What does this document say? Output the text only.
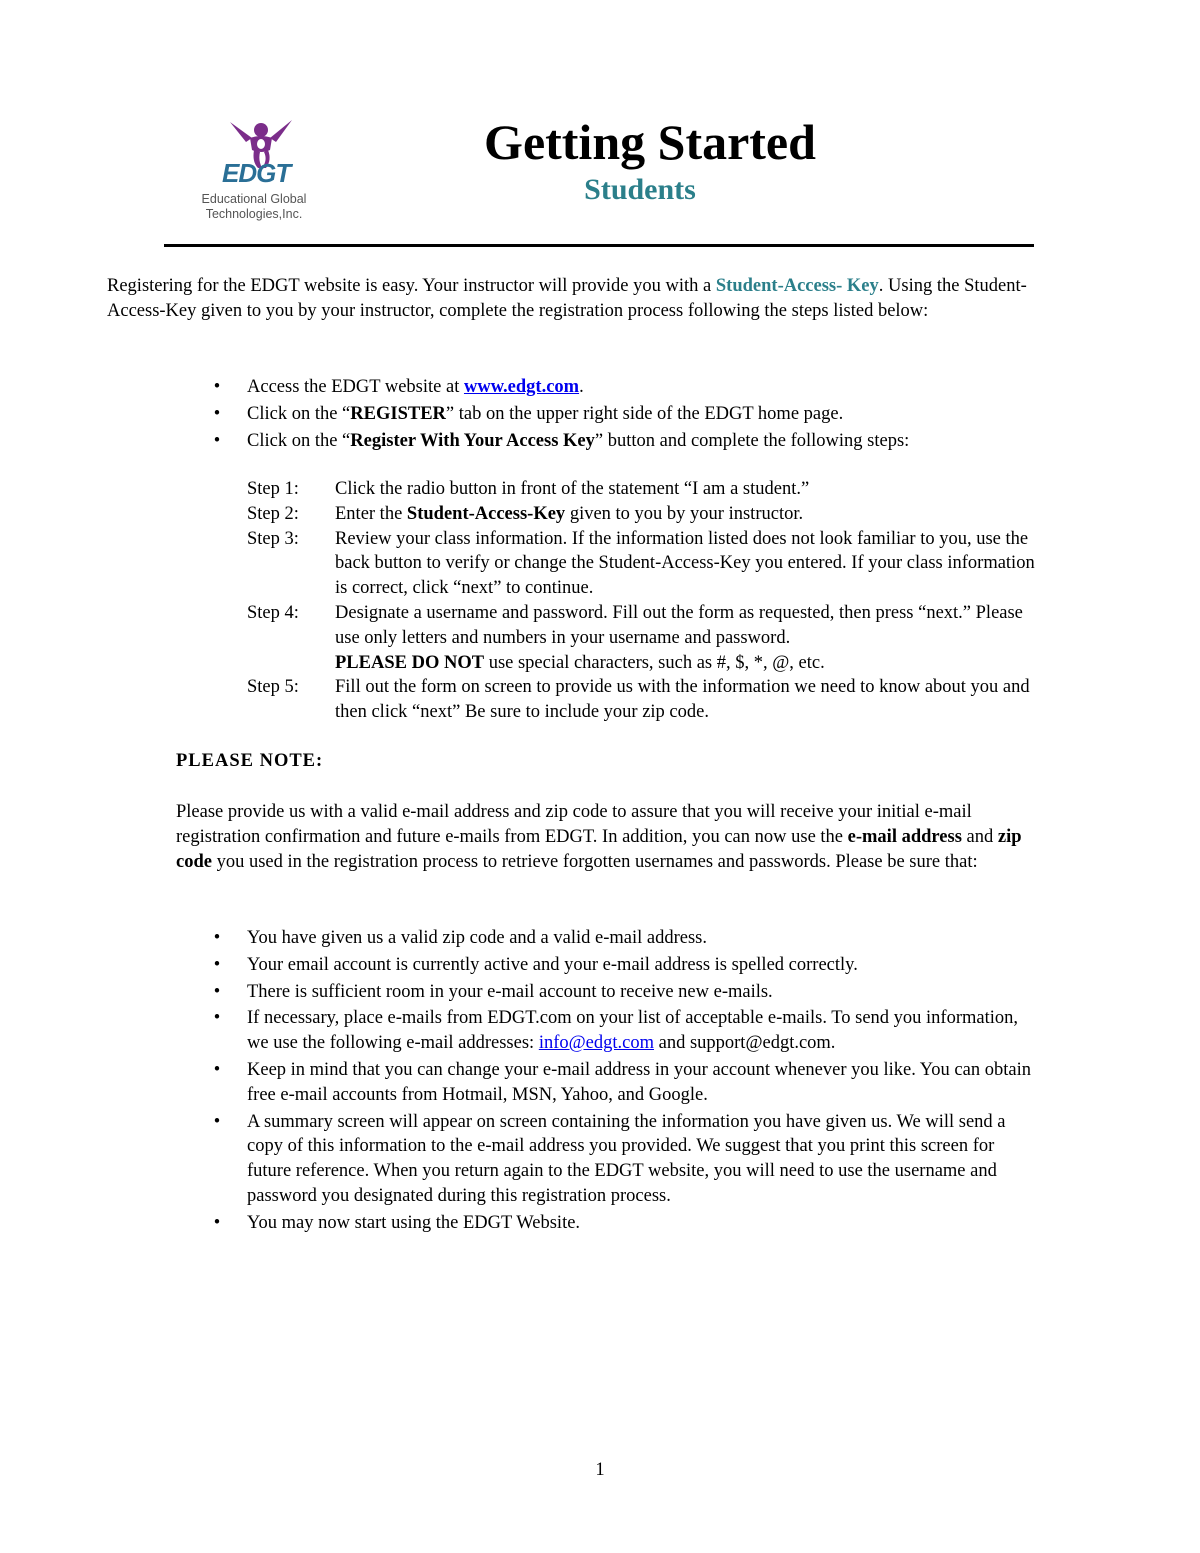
EDGT
Educational Global
Technologies,Inc.
Getting Started
Students
Registering for the EDGT website is easy. Your instructor will provide you with a Student-Access- Key. Using the Student-Access-Key given to you by your instructor, complete the registration process following the steps listed below:
• Access the EDGT website at www.edgt.com.
• Click on the “REGISTER” tab on the upper right side of the EDGT home page.
• Click on the “Register With Your Access Key” button and complete the following steps:
Step 1:	Click the radio button in front of the statement “I am a student.”
Step 2:	Enter the Student-Access-Key given to you by your instructor.
Step 3:	Review your class information. If the information listed does not look familiar to you, use the back button to verify or change the Student-Access-Key you entered. If your class information is correct, click “next” to continue.
Step 4:	Designate a username and password. Fill out the form as requested, then press “next.” Please use only letters and numbers in your username and password.
PLEASE DO NOT use special characters, such as #, $, *, @, etc.
Step 5:	Fill out the form on screen to provide us with the information we need to know about you and then click “next” Be sure to include your zip code.
PLEASE NOTE:
Please provide us with a valid e-mail address and zip code to assure that you will receive your initial e-mail registration confirmation and future e-mails from EDGT. In addition, you can now use the e-mail address and zip code you used in the registration process to retrieve forgotten usernames and passwords. Please be sure that:
• You have given us a valid zip code and a valid e-mail address.
• Your email account is currently active and your e-mail address is spelled correctly.
• There is sufficient room in your e-mail account to receive new e-mails.
• If necessary, place e-mails from EDGT.com on your list of acceptable e-mails. To send you information, we use the following e-mail addresses: info@edgt.com and support@edgt.com.
• Keep in mind that you can change your e-mail address in your account whenever you like. You can obtain free e-mail accounts from Hotmail, MSN, Yahoo, and Google.
• A summary screen will appear on screen containing the information you have given us. We will send a copy of this information to the e-mail address you provided. We suggest that you print this screen for future reference. When you return again to the EDGT website, you will need to use the username and password you designated during this registration process.
• You may now start using the EDGT Website.
1
